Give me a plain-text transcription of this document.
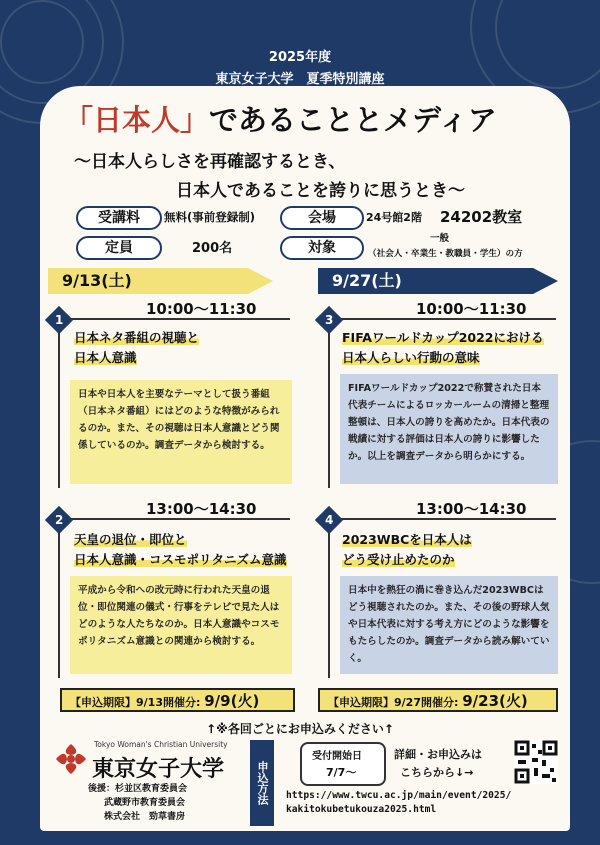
2025年度
東京女子大学　夏季特別講座
「日本人」であることとメディア
〜日本人らしさを再確認するとき、
日本人であることを誇りに思うとき〜
受講料	無料(事前登録制)	会場	24号館2階 24202教室
定員	200名	対象
一般
（社会人・卒業生・教職員・学生）の方
9/13(土)	9/27(土)
10:00〜11:30
1
日本ネタ番組の視聴と
日本人意識
日本や日本人を主要なテーマとして扱う番組（日本ネタ番組）にはどのような特徴がみられるのか。また、その視聴は日本人意識とどう関係しているのか。調査データから検討する。
13:00〜14:30
2
天皇の退位・即位と
日本人意識・コスモポリタニズム意識
平成から令和への改元時に行われた天皇の退位・即位関連の儀式・行事をテレビで見た人はどのような人たちなのか。日本人意識やコスモポリタニズム意識との関連から検討する。
10:00〜11:30
3
FIFAワールドカップ2022における
日本人らしい行動の意味
FIFAワールドカップ2022で称賛された日本代表チームによるロッカールームの清掃と整理整頓は、日本人の誇りを高めたか。日本代表の戦績に対する評価は日本人の誇りに影響したか。以上を調査データから明らかにする。
13:00〜14:30
4
2023WBCを日本人は
どう受け止めたのか
日本中を熱狂の渦に巻き込んだ2023WBCはどう視聴されたのか。また、その後の野球人気や日本代表に対する考え方にどのような影響をもたらしたのか。調査データから読み解いていく。
【申込期限】9/13開催分: 9/9(火)	【申込期限】9/27開催分: 9/23(火)
↑※各回ごとにお申込みください↑
Tokyo Woman's Christian University
東京女子大学
後援：杉並区教育委員会
武蔵野市教育委員会
株式会社　勁草書房
申込方法
受付開始日
7/7〜
詳細・お申込みは
こちらから↓→
https://www.twcu.ac.jp/main/event/2025/
kakitokubetukouza2025.html
